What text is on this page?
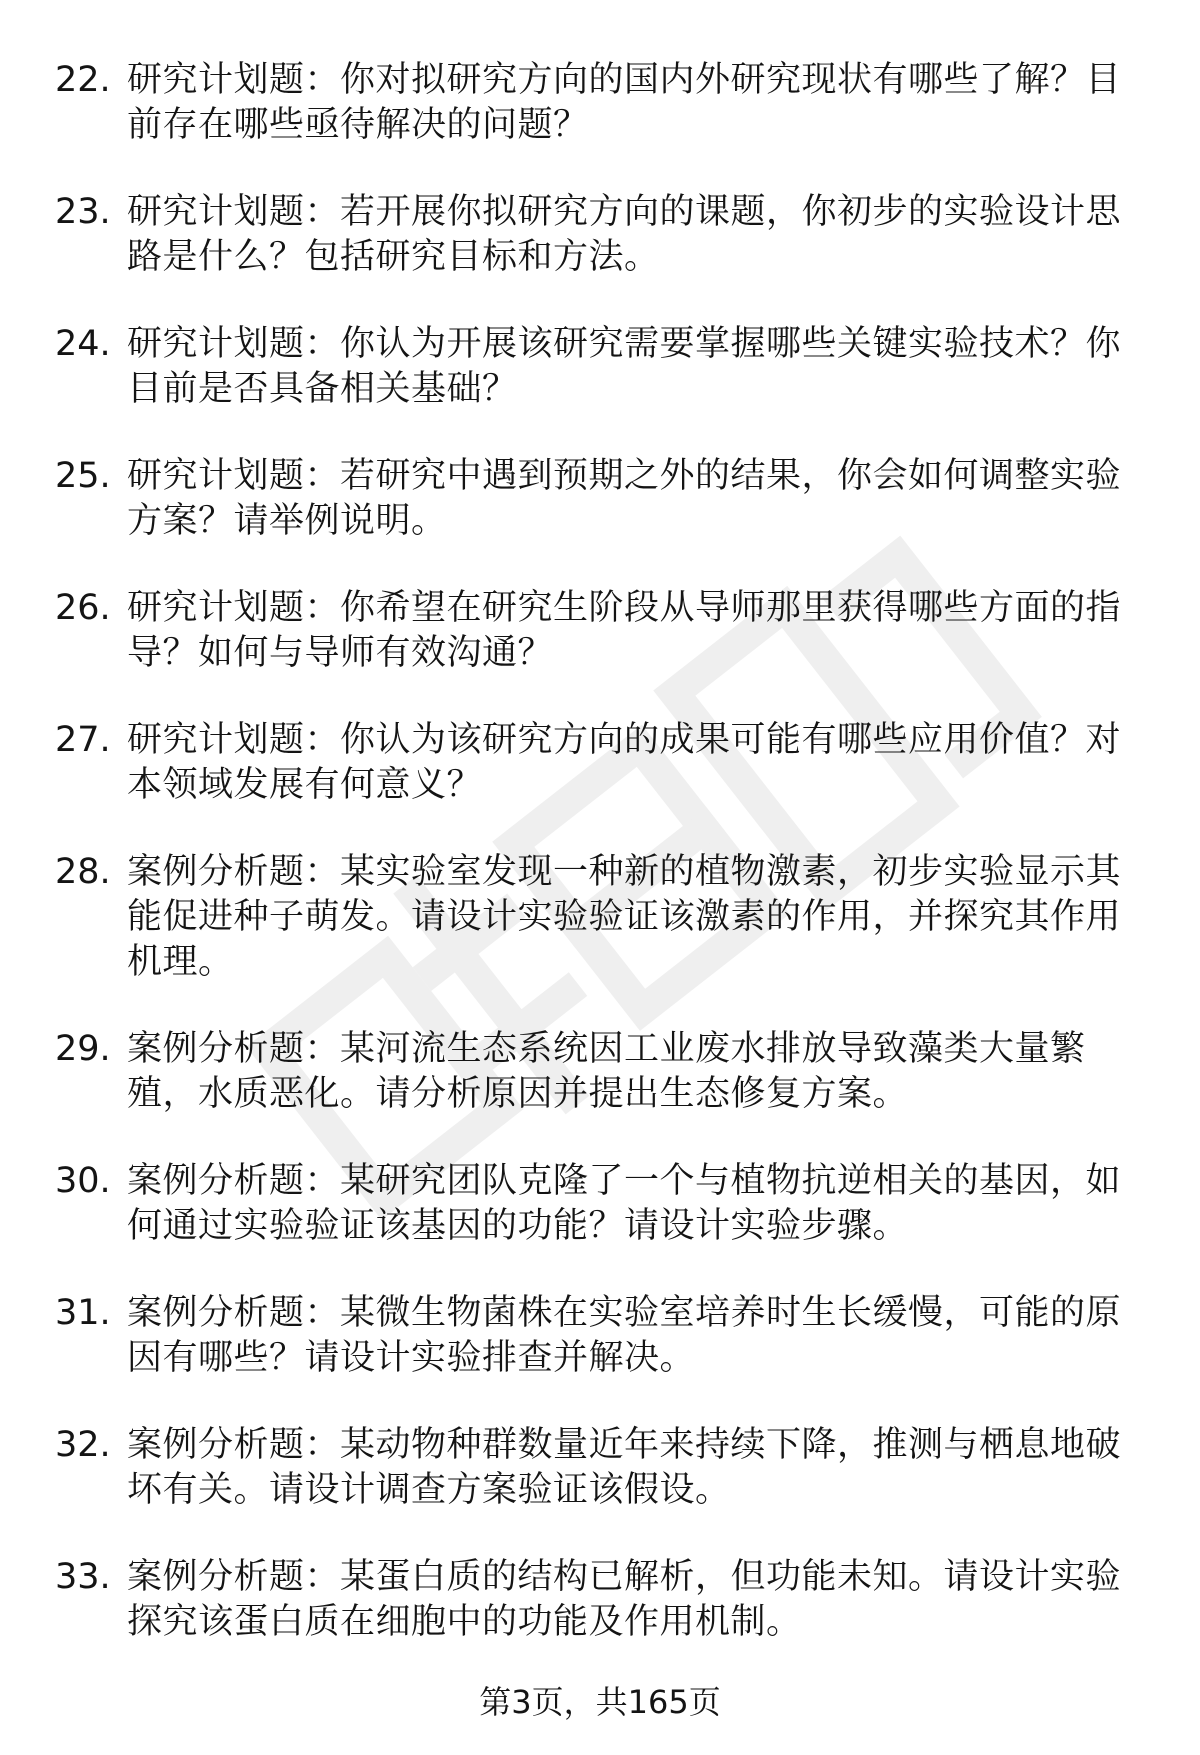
22. 研究计划题：你对拟研究方向的国内外研究现状有哪些了解？目前存在哪些亟待解决的问题？
23. 研究计划题：若开展你拟研究方向的课题，你初步的实验设计思路是什么？包括研究目标和方法。
24. 研究计划题：你认为开展该研究需要掌握哪些关键实验技术？你目前是否具备相关基础？
25. 研究计划题：若研究中遇到预期之外的结果，你会如何调整实验方案？请举例说明。
26. 研究计划题：你希望在研究生阶段从导师那里获得哪些方面的指导？如何与导师有效沟通？
27. 研究计划题：你认为该研究方向的成果可能有哪些应用价值？对本领域发展有何意义？
28. 案例分析题：某实验室发现一种新的植物激素，初步实验显示其能促进种子萌发。请设计实验验证该激素的作用，并探究其作用机理。
29. 案例分析题：某河流生态系统因工业废水排放导致藻类大量繁殖，水质恶化。请分析原因并提出生态修复方案。
30. 案例分析题：某研究团队克隆了一个与植物抗逆相关的基因，如何通过实验验证该基因的功能？请设计实验步骤。
31. 案例分析题：某微生物菌株在实验室培养时生长缓慢，可能的原因有哪些？请设计实验排查并解决。
32. 案例分析题：某动物种群数量近年来持续下降，推测与栖息地破坏有关。请设计调查方案验证该假设。
33. 案例分析题：某蛋白质的结构已解析，但功能未知。请设计实验探究该蛋白质在细胞中的功能及作用机制。
第3页，共165页
